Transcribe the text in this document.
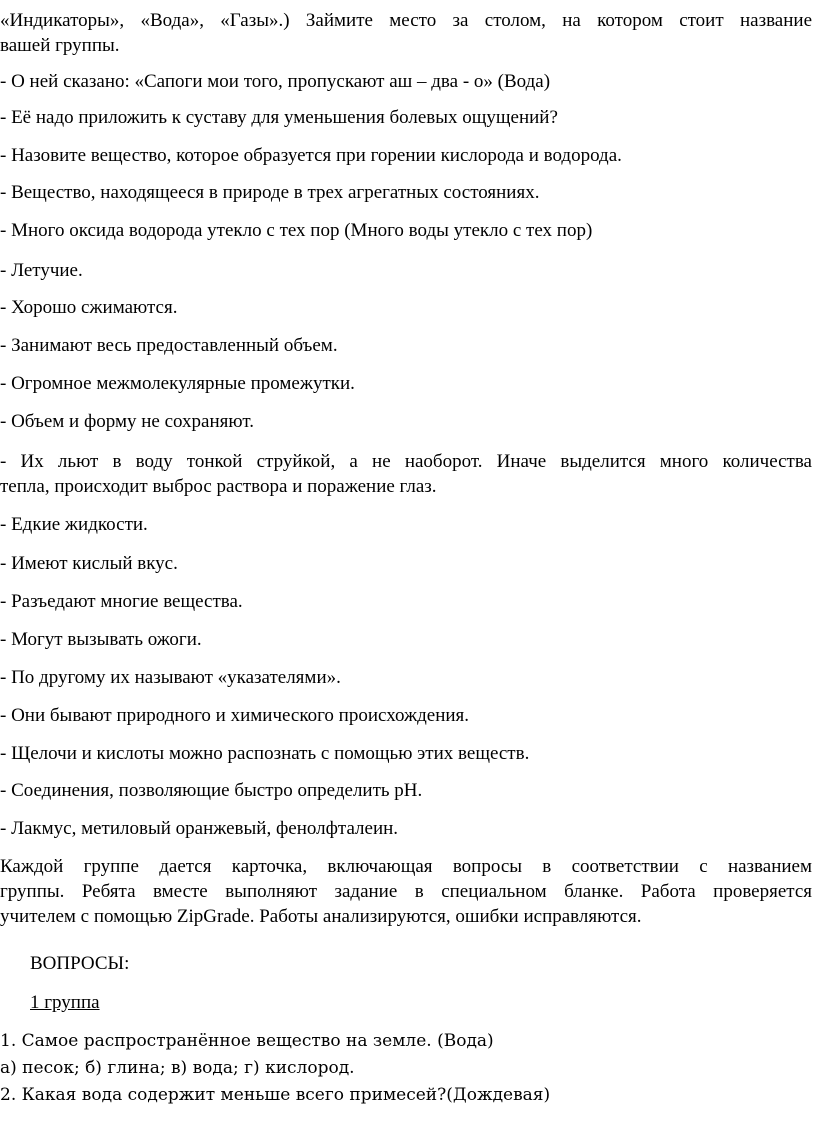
«Индикаторы», «Вода», «Газы».) Займите место за столом, на котором стоит название
вашей группы.
- О ней сказано: «Сапоги мои того, пропускают аш – два - о» (Вода)
- Её надо приложить к суставу для уменьшения болевых ощущений?
- Назовите вещество, которое образуется при горении кислорода и водорода.
- Вещество, находящееся в природе в трех агрегатных состояниях.
- Много оксида водорода утекло с тех пор (Много воды утекло с тех пор)
- Летучие.
- Хорошо сжимаются.
- Занимают весь предоставленный объем.
- Огромное межмолекулярные промежутки.
- Объем и форму не сохраняют.
- Их льют в воду тонкой струйкой, а не наоборот. Иначе выделится много количества
тепла, происходит выброс раствора и поражение глаз.
- Едкие жидкости.
- Имеют кислый вкус.
- Разъедают многие вещества.
- Могут вызывать ожоги.
- По другому их называют «указателями».
- Они бывают природного и химического происхождения.
- Щелочи и кислоты можно распознать с помощью этих веществ.
- Соединения, позволяющие быстро определить рН.
- Лакмус, метиловый оранжевый, фенолфталеин.
Каждой группе дается карточка, включающая вопросы в соответствии с названием
группы. Ребята вместе выполняют задание в специальном бланке. Работа проверяется
учителем с помощью ZipGrade. Работы анализируются, ошибки исправляются.
ВОПРОСЫ:
1 группа
1. Самое распространённое вещество на земле. (Вода)
а) песок; б) глина; в) вода; г) кислород.
2. Какая вода содержит меньше всего примесей?(Дождевая)
